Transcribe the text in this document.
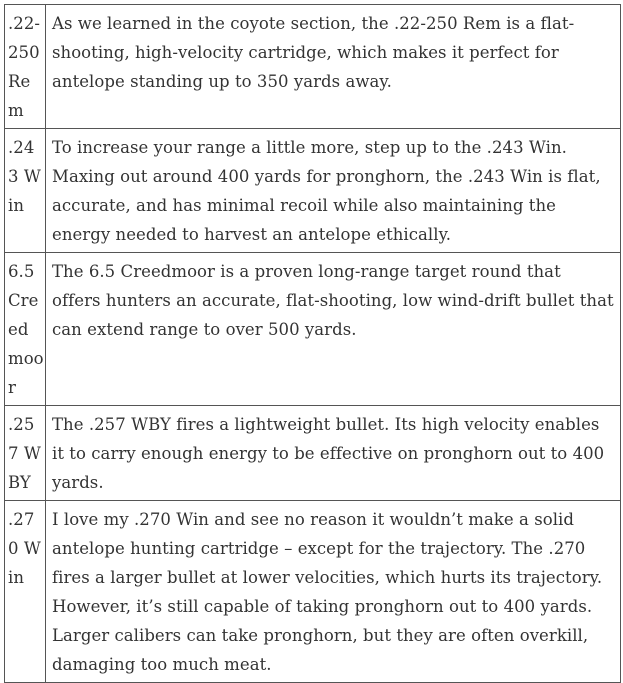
.22-250 Rem	As we learned in the coyote section, the .22-250 Rem is a flat-shooting, high-velocity cartridge, which makes it perfect for antelope standing up to 350 yards away.
.243 Win	To increase your range a little more, step up to the .243 Win. Maxing out around 400 yards for pronghorn, the .243 Win is flat, accurate, and has minimal recoil while also maintaining the energy needed to harvest an antelope ethically.
6.5 Creedmoor	The 6.5 Creedmoor is a proven long-range target round that offers hunters an accurate, flat-shooting, low wind-drift bullet that can extend range to over 500 yards.
.257 WBY	The .257 WBY fires a lightweight bullet. Its high velocity enables it to carry enough energy to be effective on pronghorn out to 400 yards.
.270 Win	I love my .270 Win and see no reason it wouldn’t make a solid antelope hunting cartridge – except for the trajectory. The .270 fires a larger bullet at lower velocities, which hurts its trajectory. However, it’s still capable of taking pronghorn out to 400 yards. Larger calibers can take pronghorn, but they are often overkill, damaging too much meat.
